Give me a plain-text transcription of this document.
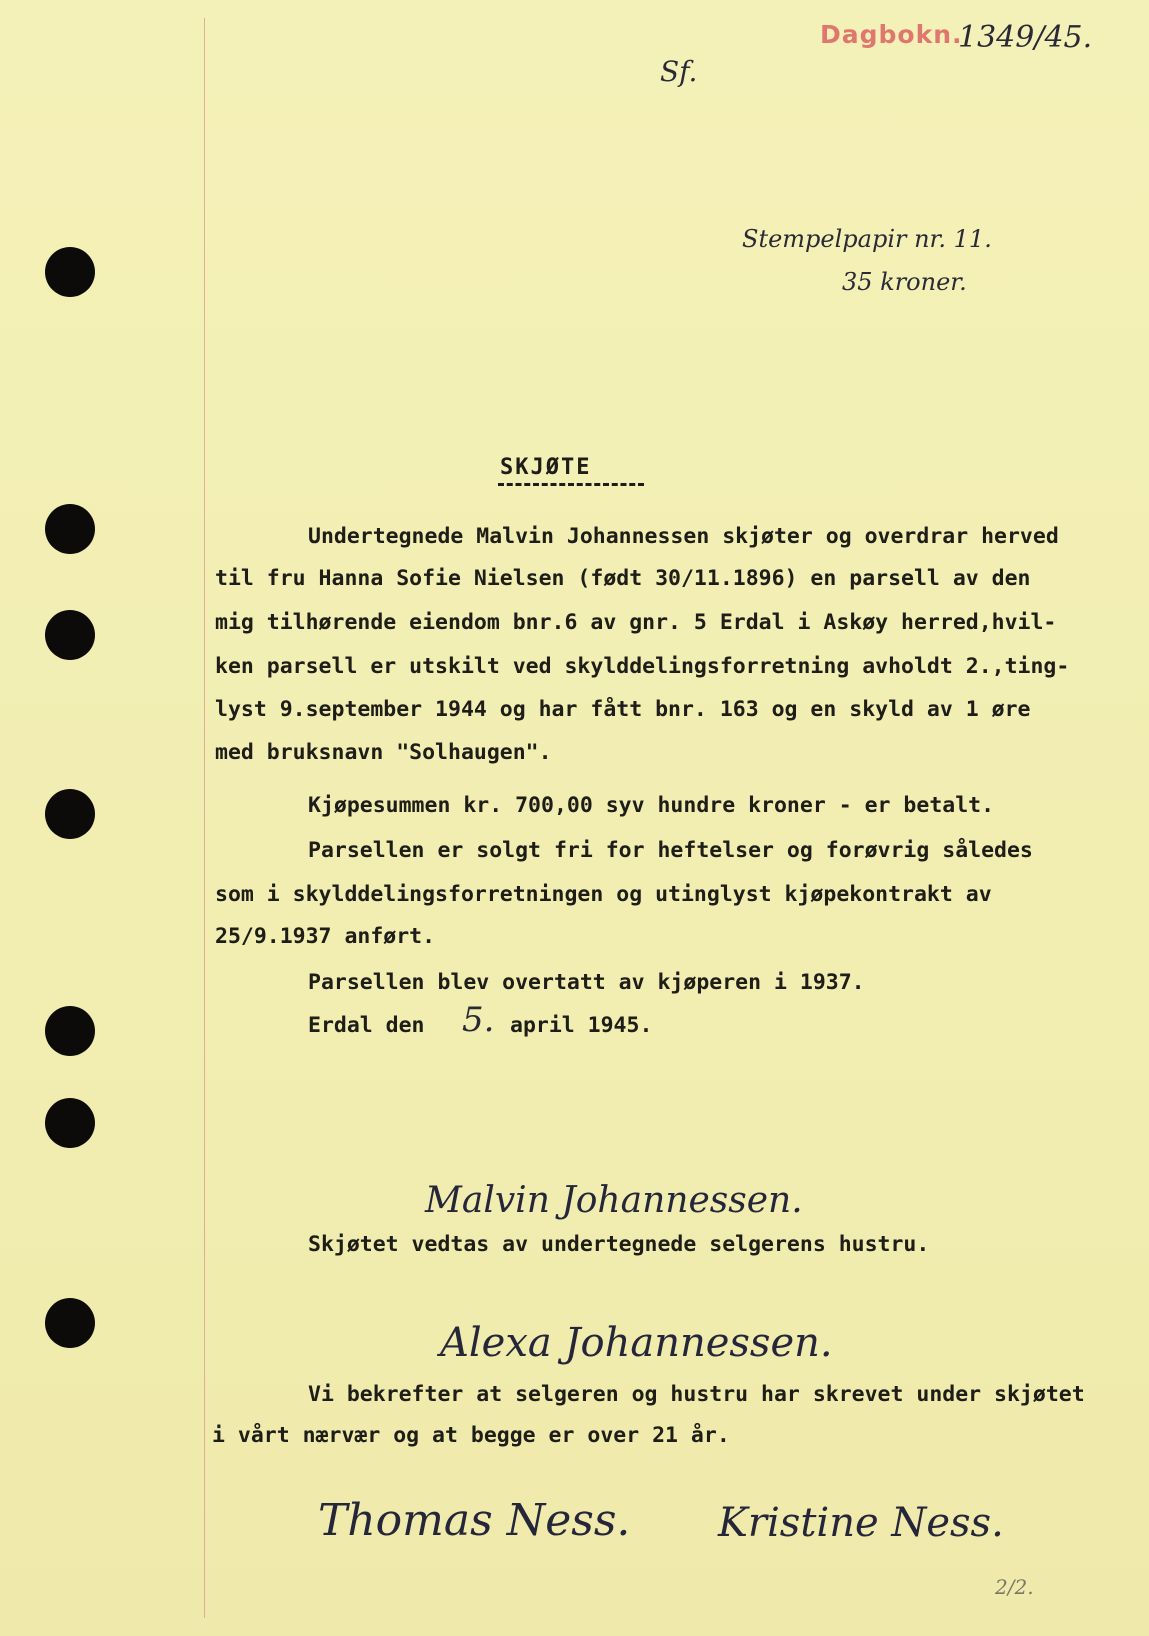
Dagbokn.
1349/45.
Sf.
Stempelpapir nr. 11.
35 kroner.
SKJØTE
Undertegnede Malvin Johannessen skjøter og overdrar herved
til fru Hanna Sofie Nielsen (født 30/11.1896) en parsell av den
mig tilhørende eiendom bnr.6 av gnr. 5 Erdal i Askøy herred,hvil-
ken parsell er utskilt ved skylddelingsforretning avholdt 2.,ting-
lyst 9.september 1944 og har fått bnr. 163 og en skyld av 1 øre
med bruksnavn "Solhaugen".
Kjøpesummen kr. 700,00 syv hundre kroner - er betalt.
Parsellen er solgt fri for heftelser og forøvrig således
som i skylddelingsforretningen og utinglyst kjøpekontrakt av
25/9.1937 anført.
Parsellen blev overtatt av kjøperen i 1937.
Erdal den 5. april 1945.
Malvin Johannessen.
Skjøtet vedtas av undertegnede selgerens hustru.
Alexa Johannessen.
Vi bekrefter at selgeren og hustru har skrevet under skjøtet
i vårt nærvær og at begge er over 21 år.
Thomas Ness. Kristine Ness.
2/2.
